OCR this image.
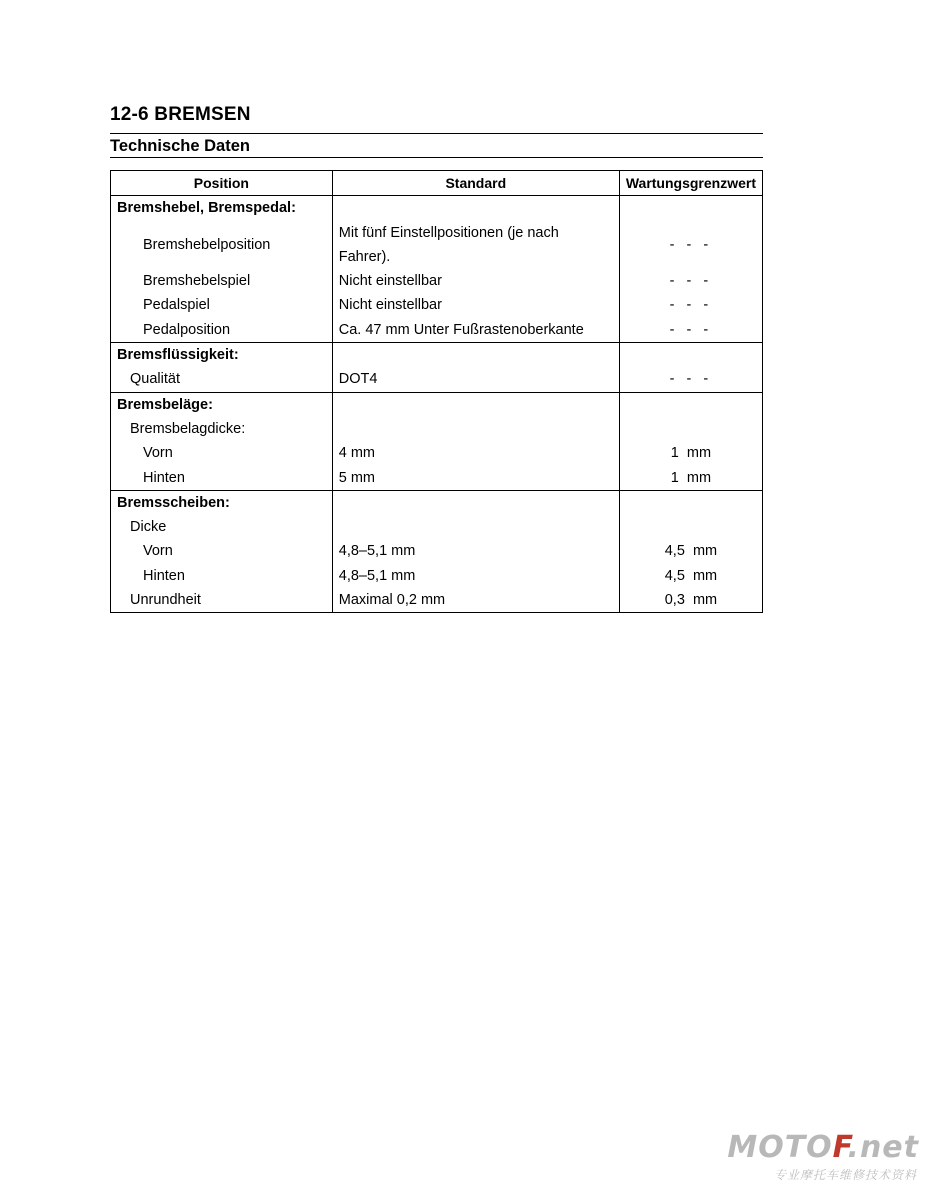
12-6 BREMSEN
Technische Daten
Position	Standard	Wartungsgrenzwert
Bremshebel, Bremspedal:		
Bremshebelposition	Mit fünf Einstellpositionen (je nach Fahrer).	- - -
Bremshebelspiel	Nicht einstellbar	- - -
Pedalspiel	Nicht einstellbar	- - -
Pedalposition	Ca. 47 mm Unter Fußrastenoberkante	- - -
Bremsflüssigkeit:		
Qualität	DOT4	- - -
Bremsbeläge:		
Bremsbelagdicke:		
Vorn	4 mm	1  mm
Hinten	5 mm	1  mm
Bremsscheiben:		
Dicke		
Vorn	4,8–5,1 mm	4,5  mm
Hinten	4,8–5,1 mm	4,5  mm
Unrundheit	Maximal 0,2 mm	0,3  mm
MOTOF.net
专业摩托车维修技术资料
